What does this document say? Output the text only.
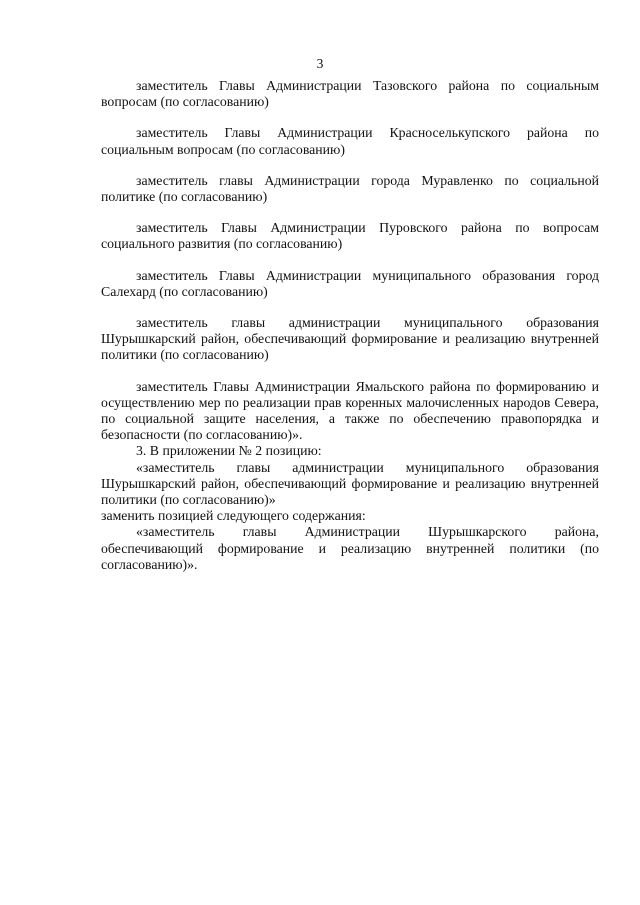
3

заместитель Главы Администрации Тазовского района по социальным вопросам (по согласованию)

заместитель Главы Администрации Красноселькупского района по социальным вопросам (по согласованию)

заместитель главы Администрации города Муравленко по социальной политике (по согласованию)

заместитель Главы Администрации Пуровского района по вопросам социального развития (по согласованию)

заместитель Главы Администрации муниципального образования город Салехард (по согласованию)

заместитель главы администрации муниципального образования Шурышкарский район, обеспечивающий формирование и реализацию внутренней политики (по согласованию)

заместитель Главы Администрации Ямальского района по формированию и осуществлению мер по реализации прав коренных малочисленных народов Севера, по социальной защите населения, а также по обеспечению правопорядка и безопасности (по согласованию)».

3. В приложении № 2 позицию:

«заместитель главы администрации муниципального образования Шурышкарский район, обеспечивающий формирование и реализацию внутренней политики (по согласованию)»

заменить позицией следующего содержания:

«заместитель главы Администрации Шурышкарского района, обеспечивающий формирование и реализацию внутренней политики (по согласованию)».
